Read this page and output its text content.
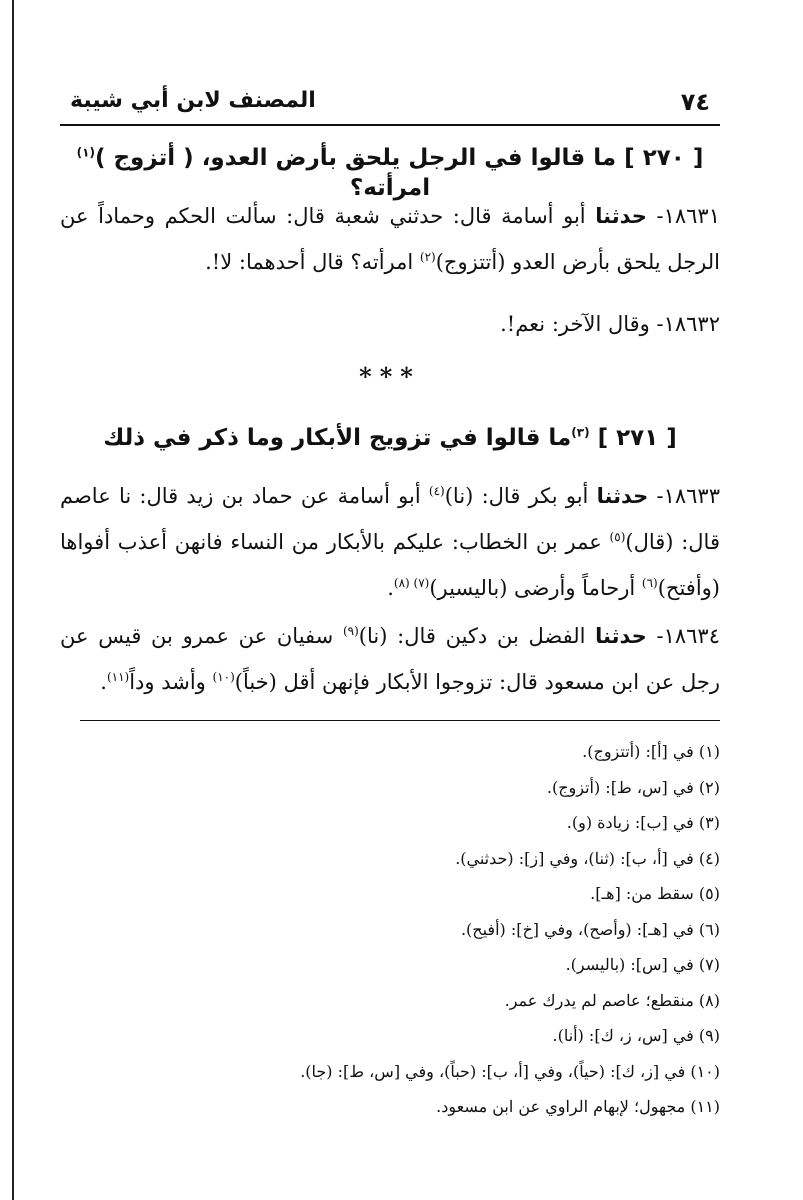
٧٤
المصنف لابن أبي شيبة
[ ٢٧٠ ] ما قالوا في الرجل يلحق بأرض العدو، ( أتزوج )$^{(١)}$ امرأته؟
١٨٦٣١- حدثنا أبو أسامة قال: حدثني شعبة قال: سألت الحكم وحماداً عن الرجل يلحق بأرض العدو (أتتزوج)$^{(٢)}$ امرأته؟ قال أحدهما: لا!.
١٨٦٣٢- وقال الآخر: نعم!.
***
[ ٢٧١ ] $^{(٣)}$ما قالوا في تزويج الأبكار وما ذكر في ذلك
١٨٦٣٣- حدثنا أبو بكر قال: (نا)$^{(٤)}$ أبو أسامة عن حماد بن زيد قال: نا عاصم قال: (قال)$^{(٥)}$ عمر بن الخطاب: عليكم بالأبكار من النساء فانهن أعذب أفواها (وأفتح)$^{(٦)}$ أرحاماً وأرضى (باليسير)$^{(٧) (٨)}$.
١٨٦٣٤- حدثنا الفضل بن دكين قال: (نا)$^{(٩)}$ سفيان عن عمرو بن قيس عن رجل عن ابن مسعود قال: تزوجوا الأبكار فإنهن أقل (خباً)$^{(١٠)}$ وأشد وداً$^{(١١)}$.
(١) في [أ]: (أتتزوج).
(٢) في [س، ط]: (أتزوج).
(٣) في [ب]: زيادة (و).
(٤) في [أ، ب]: (ثنا)، وفي [ز]: (حدثني).
(٥) سقط من: [هـ].
(٦) في [هـ]: (وأصح)، وفي [خ]: (أفيح).
(٧) في [س]: (باليسر).
(٨) منقطع؛ عاصم لم يدرك عمر.
(٩) في [س، ز، ك]: (أنا).
(١٠) في [ز، ك]: (حياً)، وفي [أ، ب]: (حباً)، وفي [س، ط]: (جا).
(١١) مجهول؛ لإبهام الراوي عن ابن مسعود.
